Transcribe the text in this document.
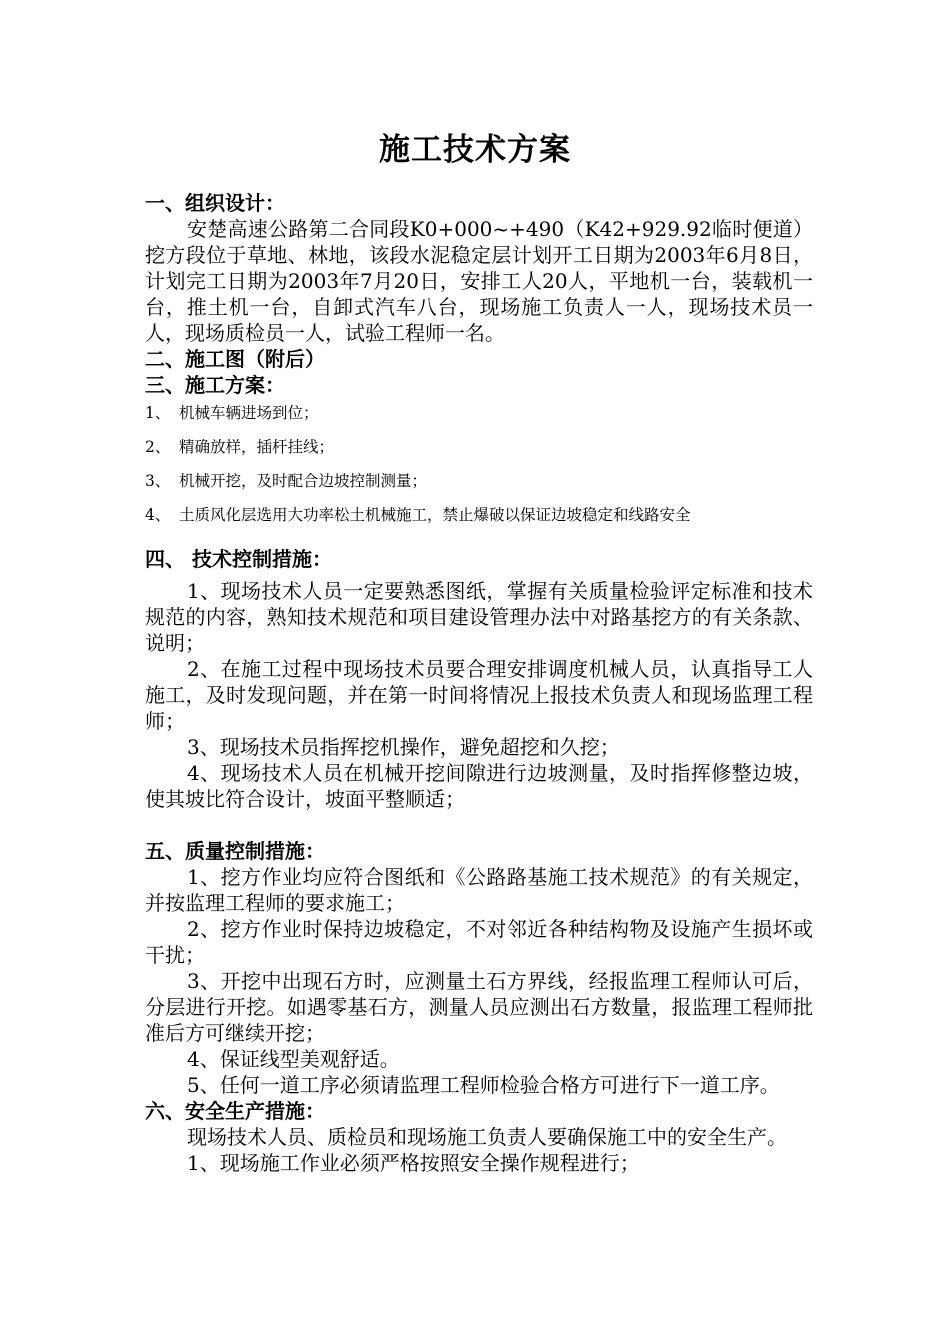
施工技术方案
一、组织设计：
安楚高速公路第二合同段K0+000~+490（K42+929.92临时便道）挖方段位于草地、林地，该段水泥稳定层计划开工日期为2003年6月8日，计划完工日期为2003年7月20日，安排工人20人，平地机一台，装载机一台，推土机一台，自卸式汽车八台，现场施工负责人一人，现场技术员一人，现场质检员一人，试验工程师一名。
二、施工图（附后）
三、施工方案：
1、 机械车辆进场到位；
2、 精确放样，插杆挂线；
3、 机械开挖，及时配合边坡控制测量；
4、 土质风化层选用大功率松土机械施工，禁止爆破以保证边坡稳定和线路安全
四、 技术控制措施：
1、现场技术人员一定要熟悉图纸，掌握有关质量检验评定标准和技术规范的内容，熟知技术规范和项目建设管理办法中对路基挖方的有关条款、说明；
2、在施工过程中现场技术员要合理安排调度机械人员，认真指导工人施工，及时发现问题，并在第一时间将情况上报技术负责人和现场监理工程师；
3、现场技术员指挥挖机操作，避免超挖和久挖；
4、现场技术人员在机械开挖间隙进行边坡测量，及时指挥修整边坡，使其坡比符合设计，坡面平整顺适；
五、质量控制措施：
1、挖方作业均应符合图纸和《公路路基施工技术规范》的有关规定，并按监理工程师的要求施工；
2、挖方作业时保持边坡稳定，不对邻近各种结构物及设施产生损坏或干扰；
3、开挖中出现石方时，应测量土石方界线，经报监理工程师认可后，分层进行开挖。如遇零基石方，测量人员应测出石方数量，报监理工程师批准后方可继续开挖；
4、保证线型美观舒适。
5、任何一道工序必须请监理工程师检验合格方可进行下一道工序。
六、安全生产措施：
现场技术人员、质检员和现场施工负责人要确保施工中的安全生产。
1、现场施工作业必须严格按照安全操作规程进行；
